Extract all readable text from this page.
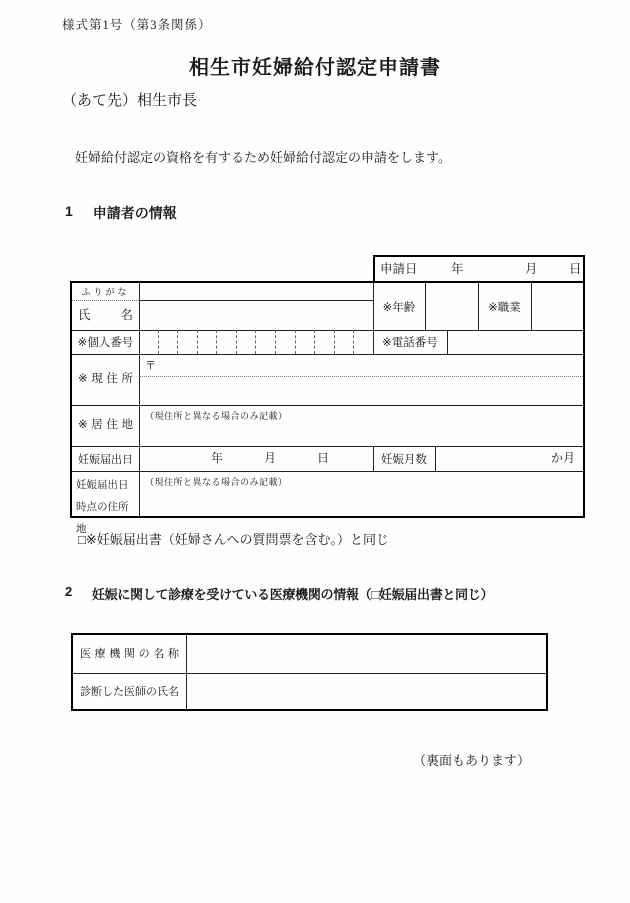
様式第1号（第3条関係）
相生市妊婦給付認定申請書
（あて先）相生市長
妊婦給付認定の資格を有するため妊婦給付認定の申請をします。
1 申請者の情報
申請日	年	月	日
ふりがな
氏名
※年齢	※職業
※個人番号	※電話番号
※現住所
〒
※居住地
（現住所と異なる場合のみ記載）
妊娠届出日	年	月	日	妊娠月数	か月
妊娠届出日
時点の住所地
（現住所と異なる場合のみ記載）
□※妊娠届出書（妊婦さんへの質問票を含む。）と同じ
2 妊娠に関して診療を受けている医療機関の情報（□妊娠届出書と同じ）
医療機関の名称
診断した医師の氏名
（裏面もあります）
